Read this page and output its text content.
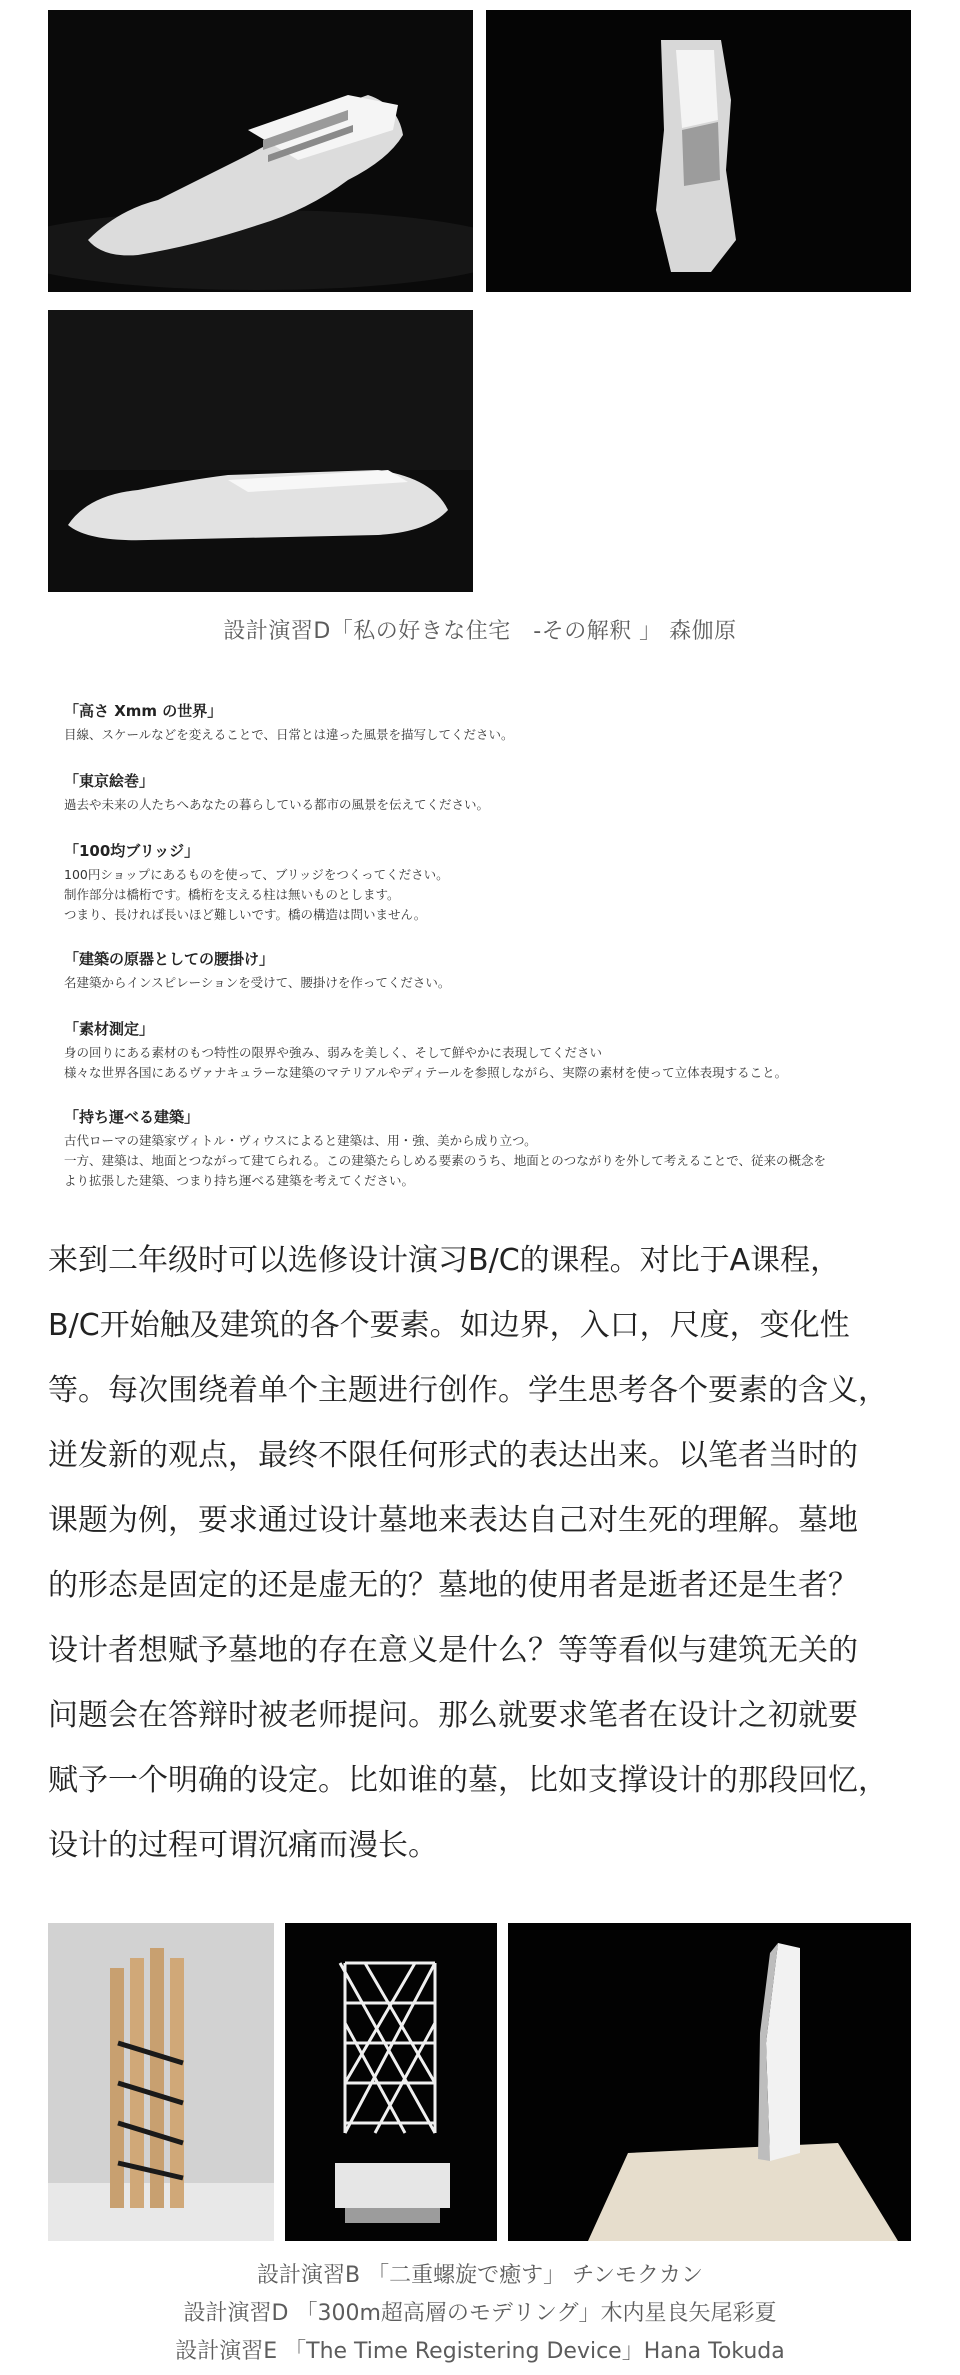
設計演習D「私の好きな住宅　-その解釈 」 森伽原

「高さ Xmm の世界」

目線、スケールなどを変えることで、日常とは違った風景を描写してください。

「東京絵巻」

過去や未来の人たちへあなたの暮らしている都市の風景を伝えてください。

「100均ブリッジ」

100円ショップにあるものを使って、ブリッジをつくってください。

制作部分は橋桁です。橋桁を支える柱は無いものとします。

つまり、長ければ長いほど難しいです。橋の構造は問いません。

「建築の原器としての腰掛け」

名建築からインスピレーションを受けて、腰掛けを作ってください。

「素材測定」

身の回りにある素材のもつ特性の限界や強み、弱みを美しく、そして鮮やかに表現してください

様々な世界各国にあるヴァナキュラーな建築のマテリアルやディテールを参照しながら、実際の素材を使って立体表現すること。

「持ち運べる建築」

古代ローマの建築家ヴィトル・ヴィウスによると建築は、用・強、美から成り立つ。

一方、建築は、地面とつながって建てられる。この建築たらしめる要素のうち、地面とのつながりを外して考えることで、従来の概念を

より拡張した建築、つまり持ち運べる建築を考えてください。

来到二年级时可以选修设计演习B/C的课程。对比于A课程，
B/C开始触及建筑的各个要素。如边界，入口，尺度，变化性
等。每次围绕着单个主题进行创作。学生思考各个要素的含义，
迸发新的观点，最终不限任何形式的表达出来。以笔者当时的
课题为例，要求通过设计墓地来表达自己对生死的理解。墓地
的形态是固定的还是虚无的？墓地的使用者是逝者还是生者？
设计者想赋予墓地的存在意义是什么？等等看似与建筑无关的
问题会在答辩时被老师提问。那么就要求笔者在设计之初就要
赋予一个明确的设定。比如谁的墓，比如支撑设计的那段回忆，
设计的过程可谓沉痛而漫长。
設計演習B 「二重螺旋で癒す」 チンモクカン
設計演習D 「300m超高層のモデリング」木内星良矢尾彩夏
設計演習E 「The Time Registering Device」Hana Tokuda
